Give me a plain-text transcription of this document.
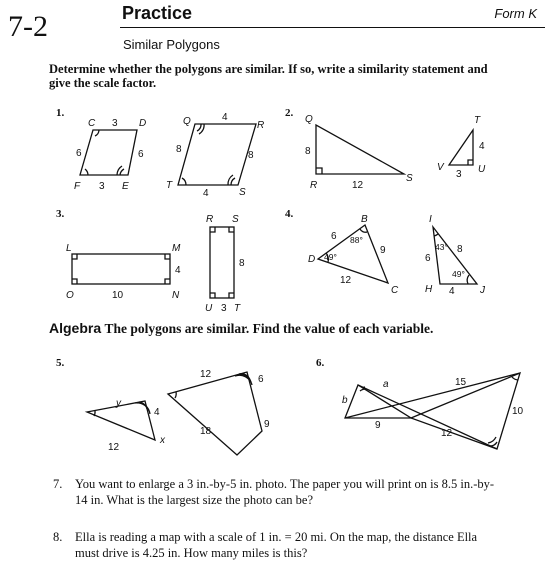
7-2	Practice	Form K
Similar Polygons
Determine whether the polygons are similar. If so, write a similarity statement and give the scale factor.
1.	2.
3.	4.
5.	6.
Algebra The polygons are similar. Find the value of each variable.
C	D
E
F
3
6
3
6
Q	R
S
T
4
8
4
8
Q
R
S
8
12
T
U
V
4
3
L	M
N
O	10
4
R S
T
U
8
3
B
C
D
6
9
12
88°
49°
I
H	J
6
8
4
43°
49°
y
4
12
x
12	6
18
9
a
b
9
15
10
12
7.	You want to enlarge a 3 in.-by-5 in. photo. The paper you will print on is 8.5 in.-by-14 in. What is the largest size the photo can be?
8.	Ella is reading a map with a scale of 1 in. = 20 mi. On the map, the distance Ella must drive is 4.25 in. How many miles is this?
